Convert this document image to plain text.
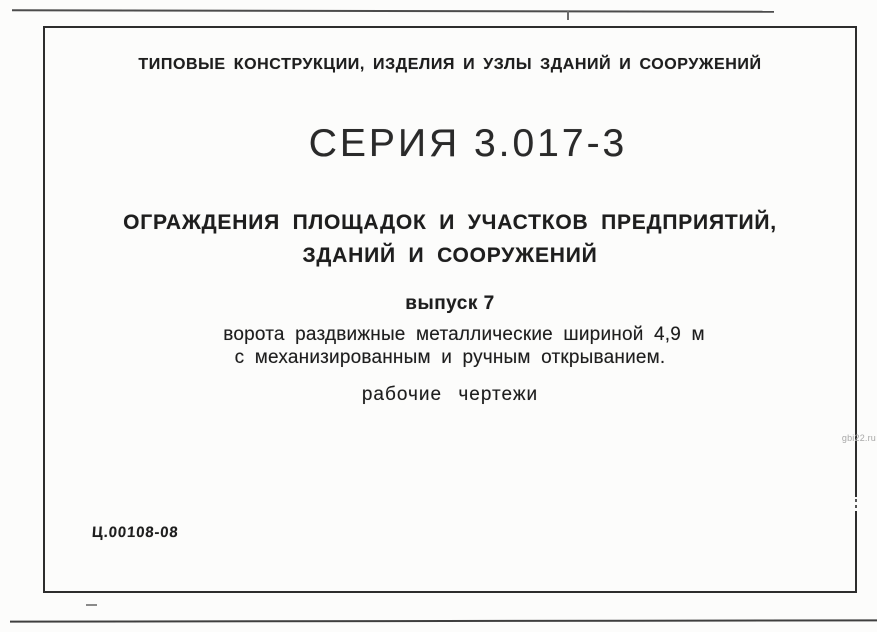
ТИПОВЫЕ КОНСТРУКЦИИ, ИЗДЕЛИЯ И УЗЛЫ ЗДАНИЙ И СООРУЖЕНИЙ
СЕРИЯ 3.017-3
ОГРАЖДЕНИЯ ПЛОЩАДОК И УЧАСТКОВ ПРЕДПРИЯТИЙ,
ЗДАНИЙ И СООРУЖЕНИЙ
выпуск 7
ворота раздвижные металлические шириной 4,9 м
с механизированным и ручным открыванием.
рабочие чертежи
Ц.00108-08
gbi22.ru
